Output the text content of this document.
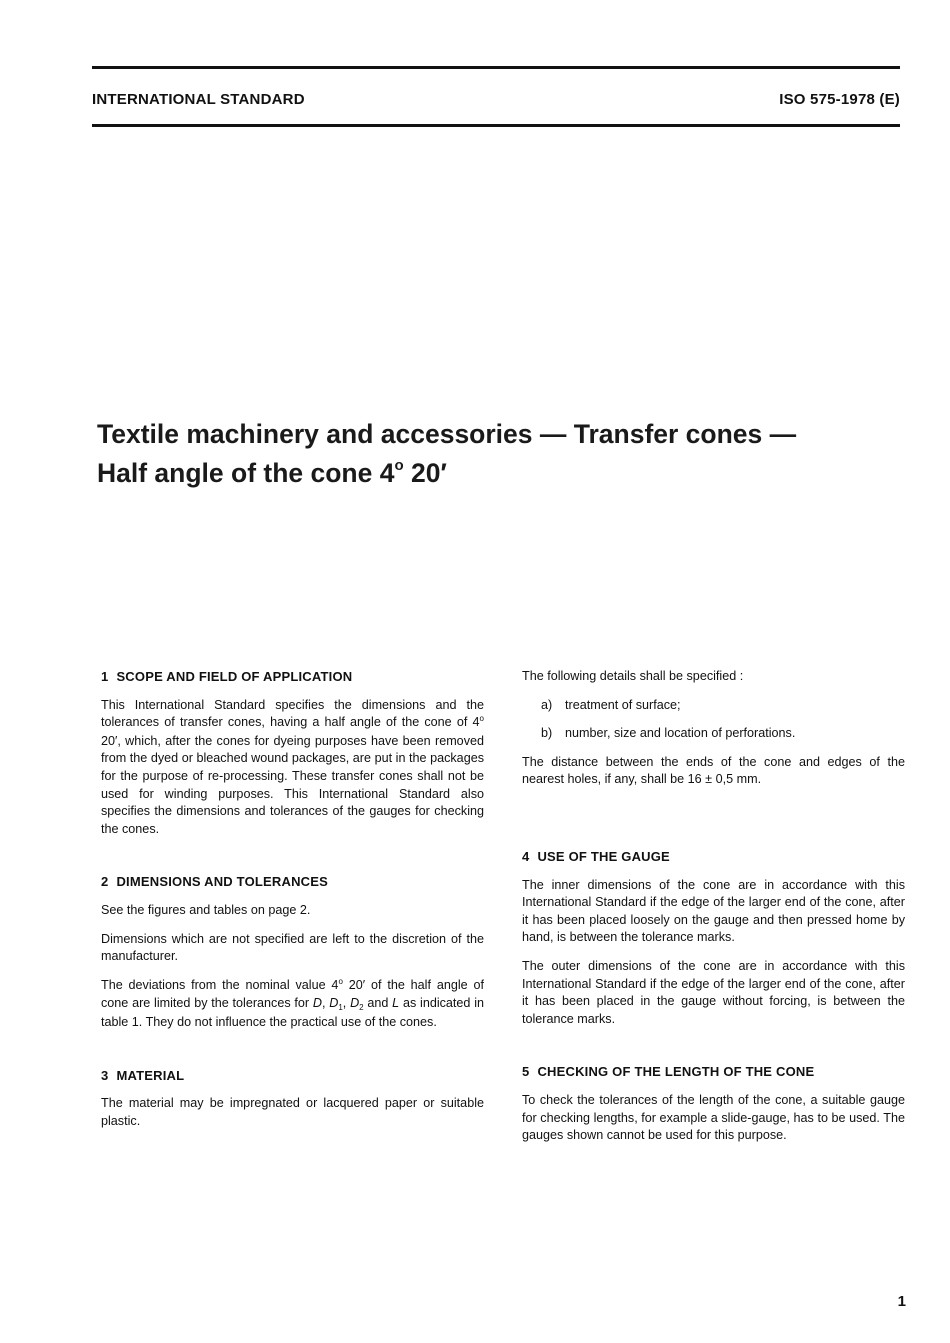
INTERNATIONAL STANDARD	ISO 575-1978 (E)
Textile machinery and accessories — Transfer cones —
Half angle of the cone 4$^o$ 20′
1 SCOPE AND FIELD OF APPLICATION

This International Standard specifies the dimensions and the tolerances of transfer cones, having a half angle of the cone of 4$^o$ 20′, which, after the cones for dyeing purposes have been removed from the dyed or bleached wound packages, are put in the packages for the purpose of re-processing. These transfer cones shall not be used for winding purposes. This International Standard also specifies the dimensions and tolerances of the gauges for checking the cones.

2 DIMENSIONS AND TOLERANCES

See the figures and tables on page 2.

Dimensions which are not specified are left to the discretion of the manufacturer.

The deviations from the nominal value 4$^o$ 20′ of the half angle of cone are limited by the tolerances for D, $D_1$, $D_2$ and L as indicated in table 1. They do not influence the practical use of the cones.

3 MATERIAL

The material may be impregnated or lacquered paper or suitable plastic.

The following details shall be specified :

a) treatment of surface;
b) number, size and location of perforations.

The distance between the ends of the cone and edges of the nearest holes, if any, shall be 16 ± 0,5 mm.

4 USE OF THE GAUGE

The inner dimensions of the cone are in accordance with this International Standard if the edge of the larger end of the cone, after it has been placed loosely on the gauge and then pressed home by hand, is between the tolerance marks.

The outer dimensions of the cone are in accordance with this International Standard if the edge of the larger end of the cone, after it has been placed in the gauge without forcing, is between the tolerance marks.

5 CHECKING OF THE LENGTH OF THE CONE

To check the tolerances of the length of the cone, a suitable gauge for checking lengths, for example a slide-gauge, has to be used. The gauges shown cannot be used for this purpose.

1
